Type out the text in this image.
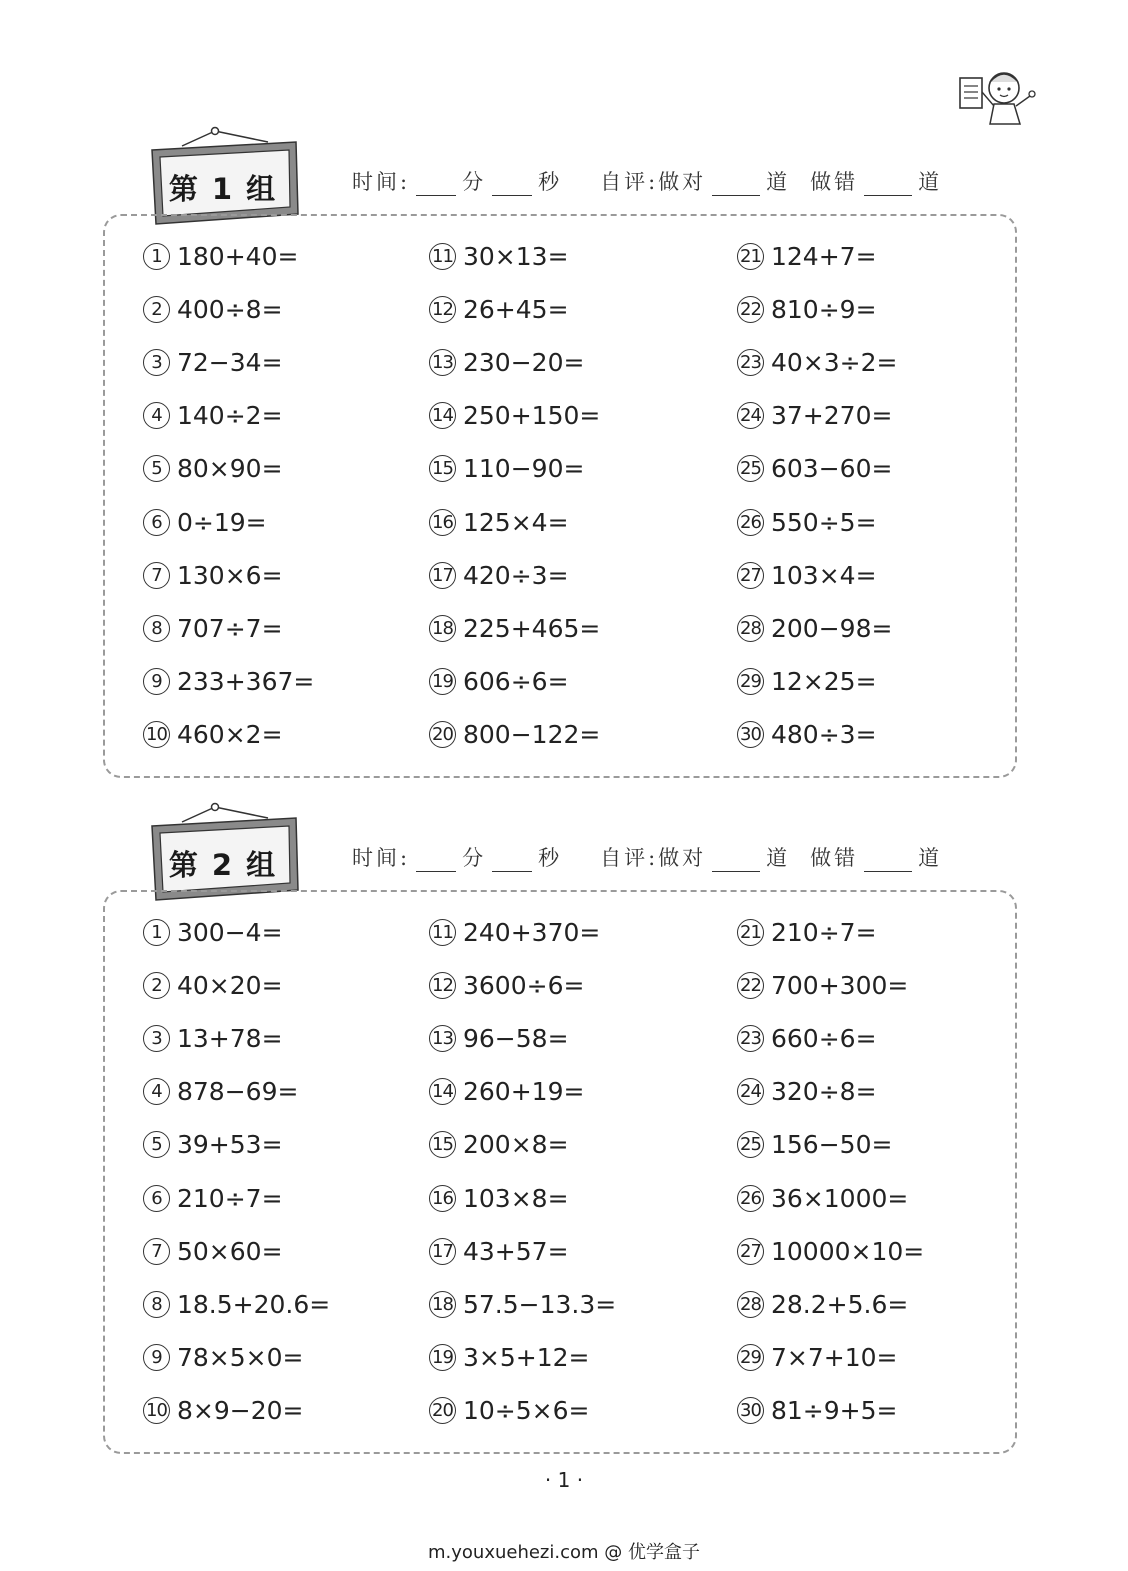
第 1 组	时间: 分 秒 自评:做对	道 做错	道
1 180+40=
2 400÷8=
3 72−34=
4 140÷2=
5 80×90=
6 0÷19=
7 130×6=
8 707÷7=
9 233+367=
10 460×2=
11 30×13=
12 26+45=
13 230−20=
14 250+150=
15 110−90=
16 125×4=
17 420÷3=
18 225+465=
19 606÷6=
20 800−122=
21 124+7=
22 810÷9=
23 40×3÷2=
24 37+270=
25 603−60=
26 550÷5=
27 103×4=
28 200−98=
29 12×25=
30 480÷3=
第 2 组	时间: 分 秒 自评:做对	道 做错	道
1 300−4=
2 40×20=
3 13+78=
4 878−69=
5 39+53=
6 210÷7=
7 50×60=
8 18.5+20.6=
9 78×5×0=
10 8×9−20=
11 240+370=
12 3600÷6=
13 96−58=
14 260+19=
15 200×8=
16 103×8=
17 43+57=
18 57.5−13.3=
19 3×5+12=
20 10÷5×6=
21 210÷7=
22 700+300=
23 660÷6=
24 320÷8=
25 156−50=
26 36×1000=
27 10000×10=
28 28.2+5.6=
29 7×7+10=
30 81÷9+5=
· 1 ·
m.youxuehezi.com @ 优学盒子
